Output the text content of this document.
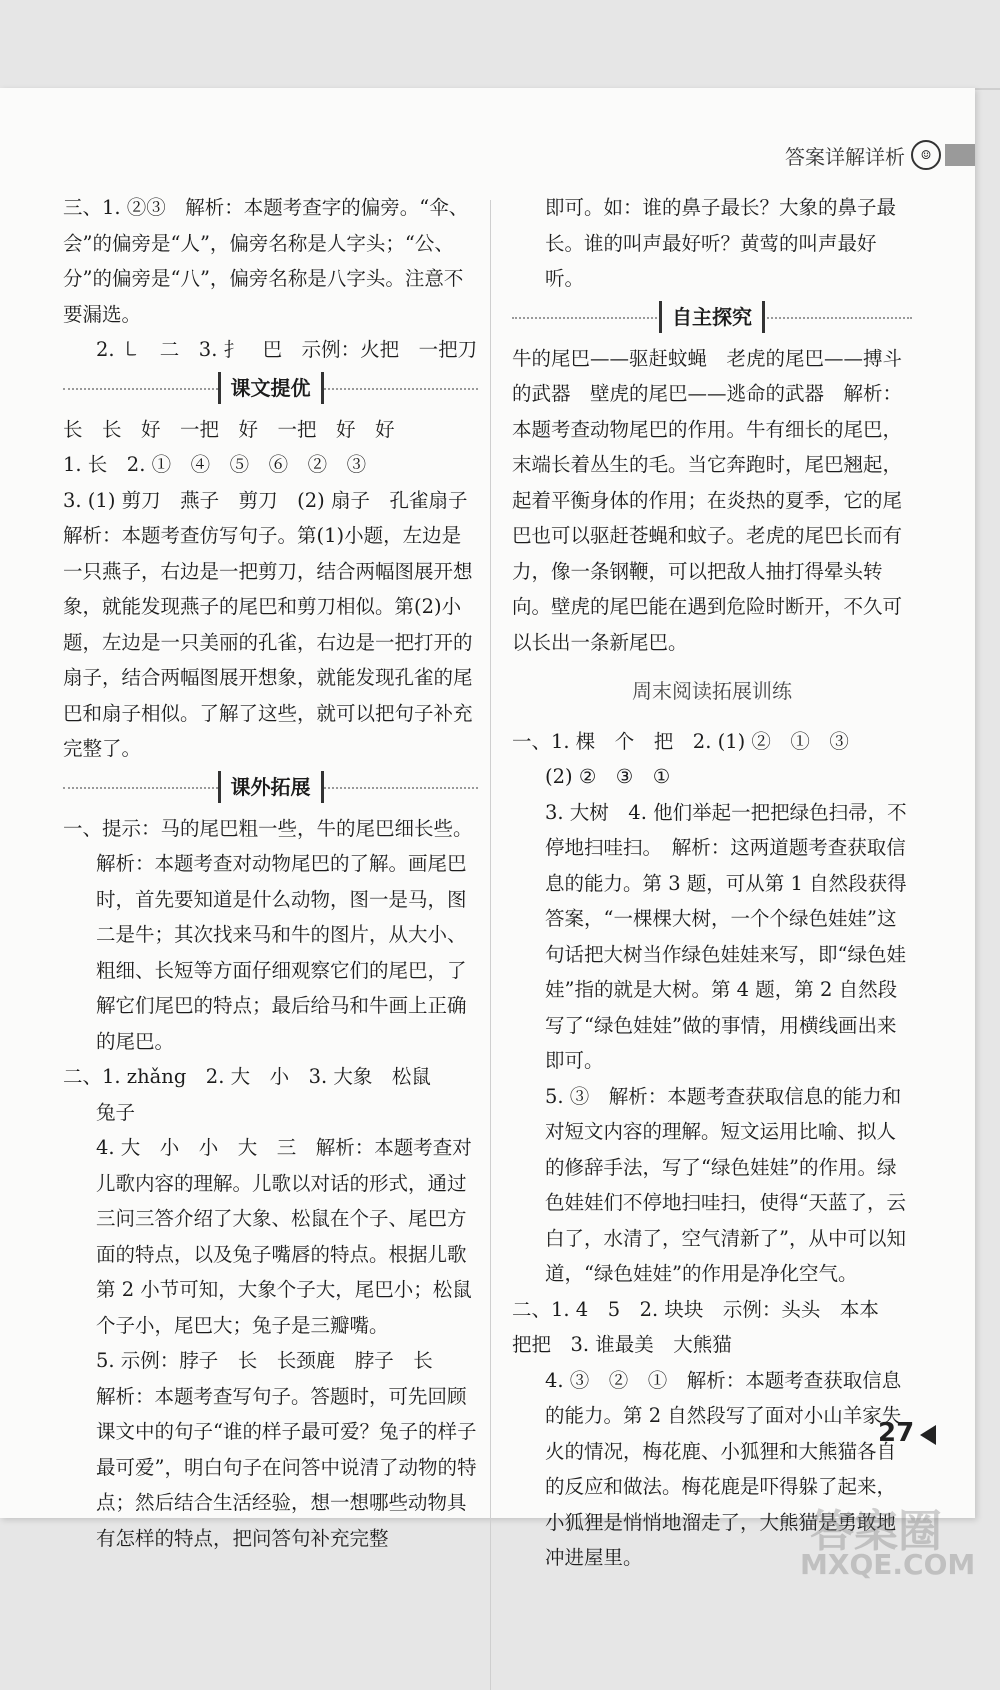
答案详解详析	☺

三、1. ②③　解析：本题考查字的偏旁。“伞、会”的偏旁是“人”，偏旁名称是人字头；“公、分”的偏旁是“八”，偏旁名称是八字头。注意不要漏选。

2. ㇄　二　3. 扌　巴　示例：火把　一把刀

课文提优

长　长　好　一把　好　一把　好　好

1. 长　2. ①　④　⑤　⑥　②　③

3. (1) 剪刀　燕子　剪刀　(2) 扇子　孔雀扇子　解析：本题考查仿写句子。第(1)小题，左边是一只燕子，右边是一把剪刀，结合两幅图展开想象，就能发现燕子的尾巴和剪刀相似。第(2)小题，左边是一只美丽的孔雀，右边是一把打开的扇子，结合两幅图展开想象，就能发现孔雀的尾巴和扇子相似。了解了这些，就可以把句子补充完整了。

课外拓展

一、提示：马的尾巴粗一些，牛的尾巴细长些。

解析：本题考查对动物尾巴的了解。画尾巴时，首先要知道是什么动物，图一是马，图二是牛；其次找来马和牛的图片，从大小、粗细、长短等方面仔细观察它们的尾巴，了解它们尾巴的特点；最后给马和牛画上正确的尾巴。

二、1. zhǎng　2. 大　小　3. 大象　松鼠

兔子

4. 大　小　小　大　三　解析：本题考查对儿歌内容的理解。儿歌以对话的形式，通过三问三答介绍了大象、松鼠在个子、尾巴方面的特点，以及兔子嘴唇的特点。根据儿歌第 2 小节可知，大象个子大，尾巴小；松鼠个子小，尾巴大；兔子是三瓣嘴。

5. 示例：脖子　长　长颈鹿　脖子　长

解析：本题考查写句子。答题时，可先回顾课文中的句子“谁的样子最可爱？兔子的样子最可爱”，明白句子在问答中说清了动物的特点；然后结合生活经验，想一想哪些动物具有怎样的特点，把问答句补充完整

即可。如：谁的鼻子最长？大象的鼻子最长。谁的叫声最好听？黄莺的叫声最好听。

自主探究

牛的尾巴——驱赶蚊蝇　老虎的尾巴——搏斗的武器　壁虎的尾巴——逃命的武器　解析：本题考查动物尾巴的作用。牛有细长的尾巴，末端长着丛生的毛。当它奔跑时，尾巴翘起，起着平衡身体的作用；在炎热的夏季，它的尾巴也可以驱赶苍蝇和蚊子。老虎的尾巴长而有力，像一条钢鞭，可以把敌人抽打得晕头转向。壁虎的尾巴能在遇到危险时断开，不久可以长出一条新尾巴。

周末阅读拓展训练

一、1. 棵　个　把　2. (1) ②　①　③

(2) ②　③　①

3. 大树　4. 他们举起一把把绿色扫帚，不停地扫哇扫。　解析：这两道题考查获取信息的能力。第 3 题，可从第 1 自然段获得答案，“一棵棵大树，一个个绿色娃娃”这句话把大树当作绿色娃娃来写，即“绿色娃娃”指的就是大树。第 4 题，第 2 自然段写了“绿色娃娃”做的事情，用横线画出来即可。

5. ③　解析：本题考查获取信息的能力和对短文内容的理解。短文运用比喻、拟人的修辞手法，写了“绿色娃娃”的作用。绿色娃娃们不停地扫哇扫，使得“天蓝了，云白了，水清了，空气清新了”，从中可以知道，“绿色娃娃”的作用是净化空气。

二、1. 4　5　2. 块块　示例：头头　本本　把把　3. 谁最美　大熊猫

4. ③　②　①　解析：本题考查获取信息的能力。第 2 自然段写了面对小山羊家失火的情况，梅花鹿、小狐狸和大熊猫各自的反应和做法。梅花鹿是吓得躲了起来，小狐狸是悄悄地溜走了，大熊猫是勇敢地冲进屋里。

27
答案圈
MXQE.COM
